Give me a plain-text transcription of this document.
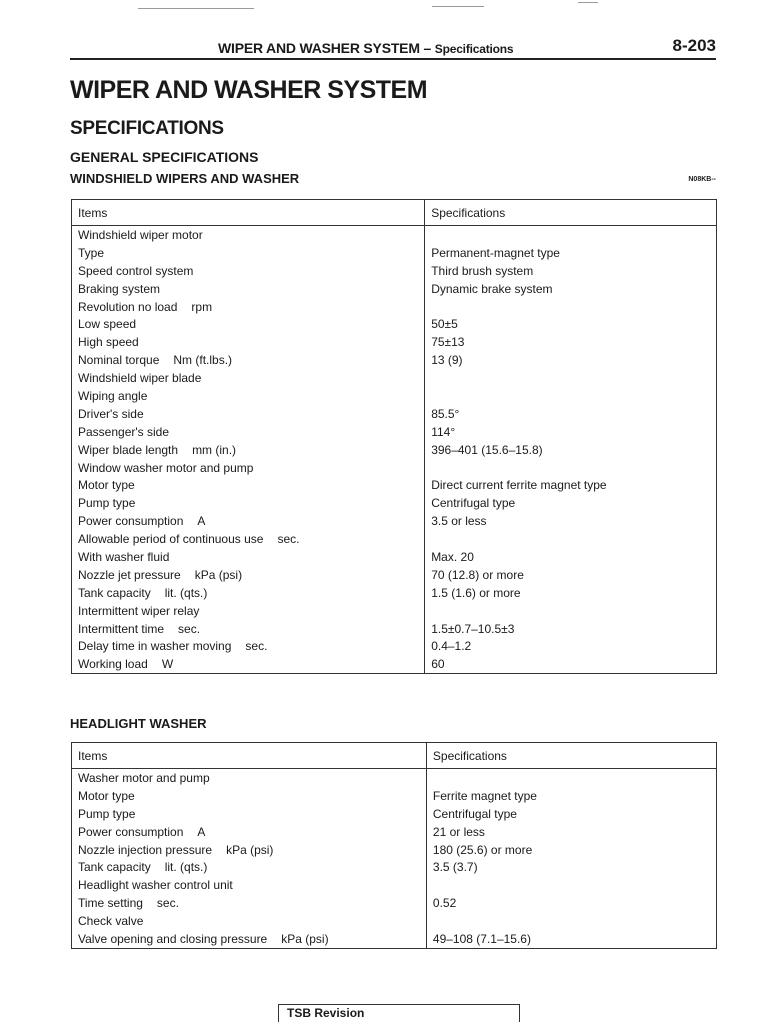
WIPER AND WASHER SYSTEM – Specifications	8-203
WIPER AND WASHER SYSTEM
SPECIFICATIONS
GENERAL SPECIFICATIONS
WINDSHIELD WIPERS AND WASHER	N08KB--
Items	Specifications
Windshield wiper motor	
Type	Permanent-magnet type
Speed control system	Third brush system
Braking system	Dynamic brake system
Revolution no load rpm	
Low speed	50±5
High speed	75±13
Nominal torque Nm (ft.lbs.)	13 (9)
Windshield wiper blade	
Wiping angle	
Driver's side	85.5°
Passenger's side	114°
Wiper blade length mm (in.)	396–401 (15.6–15.8)
Window washer motor and pump	
Motor type	Direct current ferrite magnet type
Pump type	Centrifugal type
Power consumption A	3.5 or less
Allowable period of continuous use sec.	
With washer fluid	Max. 20
Nozzle jet pressure kPa (psi)	70 (12.8) or more
Tank capacity lit. (qts.)	1.5 (1.6) or more
Intermittent wiper relay	
Intermittent time sec.	1.5±0.7–10.5±3
Delay time in washer moving sec.	0.4–1.2
Working load W	60
HEADLIGHT WASHER
Items	Specifications
Washer motor and pump	
Motor type	Ferrite magnet type
Pump type	Centrifugal type
Power consumption A	21 or less
Nozzle injection pressure kPa (psi)	180 (25.6) or more
Tank capacity lit. (qts.)	3.5 (3.7)
Headlight washer control unit	
Time setting sec.	0.52
Check valve	
Valve opening and closing pressure kPa (psi)	49–108 (7.1–15.6)
TSB Revision
